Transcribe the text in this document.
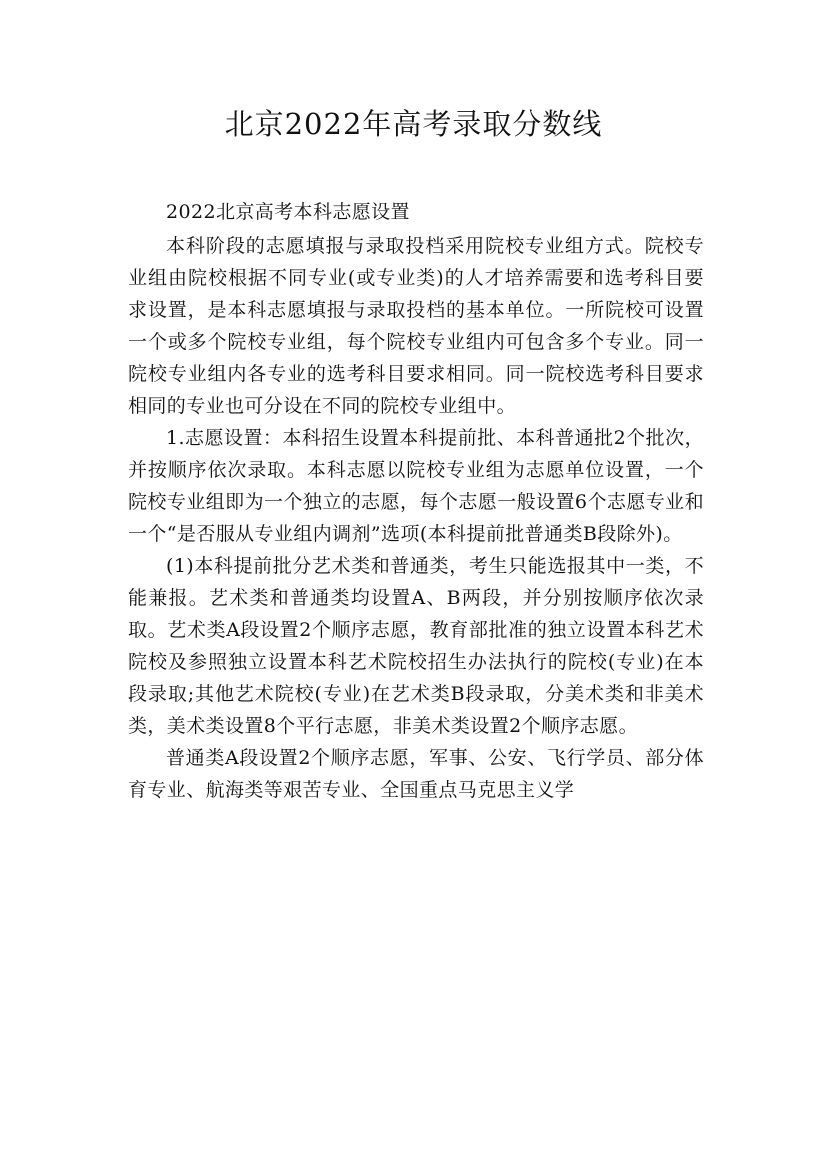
北京2022年高考录取分数线

2022北京高考本科志愿设置

本科阶段的志愿填报与录取投档采用院校专业组方式。院校专业组由院校根据不同专业(或专业类)的人才培养需要和选考科目要求设置，是本科志愿填报与录取投档的基本单位。一所院校可设置一个或多个院校专业组，每个院校专业组内可包含多个专业。同一院校专业组内各专业的选考科目要求相同。同一院校选考科目要求相同的专业也可分设在不同的院校专业组中。

1.志愿设置：本科招生设置本科提前批、本科普通批2个批次，并按顺序依次录取。本科志愿以院校专业组为志愿单位设置，一个院校专业组即为一个独立的志愿，每个志愿一般设置6个志愿专业和一个“是否服从专业组内调剂”选项(本科提前批普通类B段除外)。

(1)本科提前批分艺术类和普通类，考生只能选报其中一类，不能兼报。艺术类和普通类均设置A、B两段，并分别按顺序依次录取。艺术类A段设置2个顺序志愿，教育部批准的独立设置本科艺术院校及参照独立设置本科艺术院校招生办法执行的院校(专业)在本段录取;其他艺术院校(专业)在艺术类B段录取，分美术类和非美术类，美术类设置8个平行志愿，非美术类设置2个顺序志愿。

普通类A段设置2个顺序志愿，军事、公安、飞行学员、部分体育专业、航海类等艰苦专业、全国重点马克思主义学
